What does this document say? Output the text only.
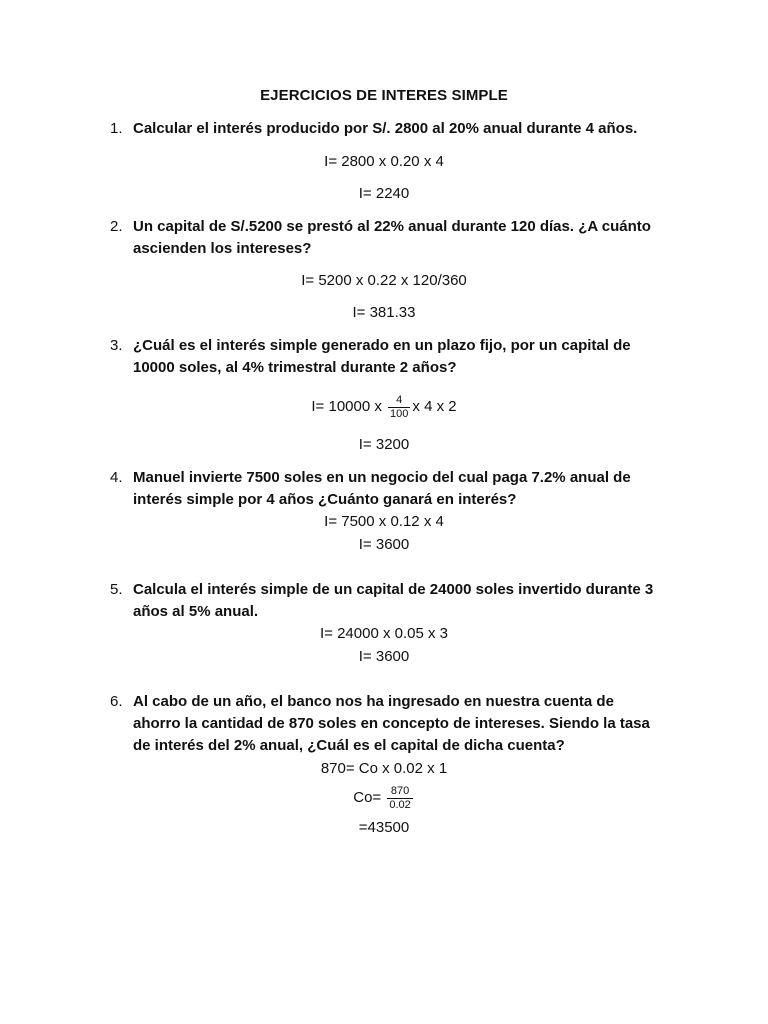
EJERCICIOS DE INTERES SIMPLE
1. Calcular el interés producido por S/. 2800 al 20% anual durante 4 años.
I= 2800 x 0.20 x 4
I= 2240
2. Un capital de S/.5200 se prestó al 22% anual durante 120 días. ¿A cuánto ascienden los intereses?
I= 5200 x 0.22 x 120/360
I= 381.33
3. ¿Cuál es el interés simple generado en un plazo fijo, por un capital de 10000 soles, al 4% trimestral durante 2 años?
I= 10000 x $\frac{4}{100}$ x 4 x 2
I= 3200
4. Manuel invierte 7500 soles en un negocio del cual paga 7.2% anual de interés simple por 4 años ¿Cuánto ganará en interés?
I= 7500 x 0.12 x 4
I= 3600
5. Calcula el interés simple de un capital de 24000 soles invertido durante 3 años al 5% anual.
I= 24000 x 0.05 x 3
I= 3600
6. Al cabo de un año, el banco nos ha ingresado en nuestra cuenta de ahorro la cantidad de 870 soles en concepto de intereses. Siendo la tasa de interés del 2% anual, ¿Cuál es el capital de dicha cuenta?
870= Co x 0.02 x 1
$Co= \frac{870}{0.02}$
=43500
